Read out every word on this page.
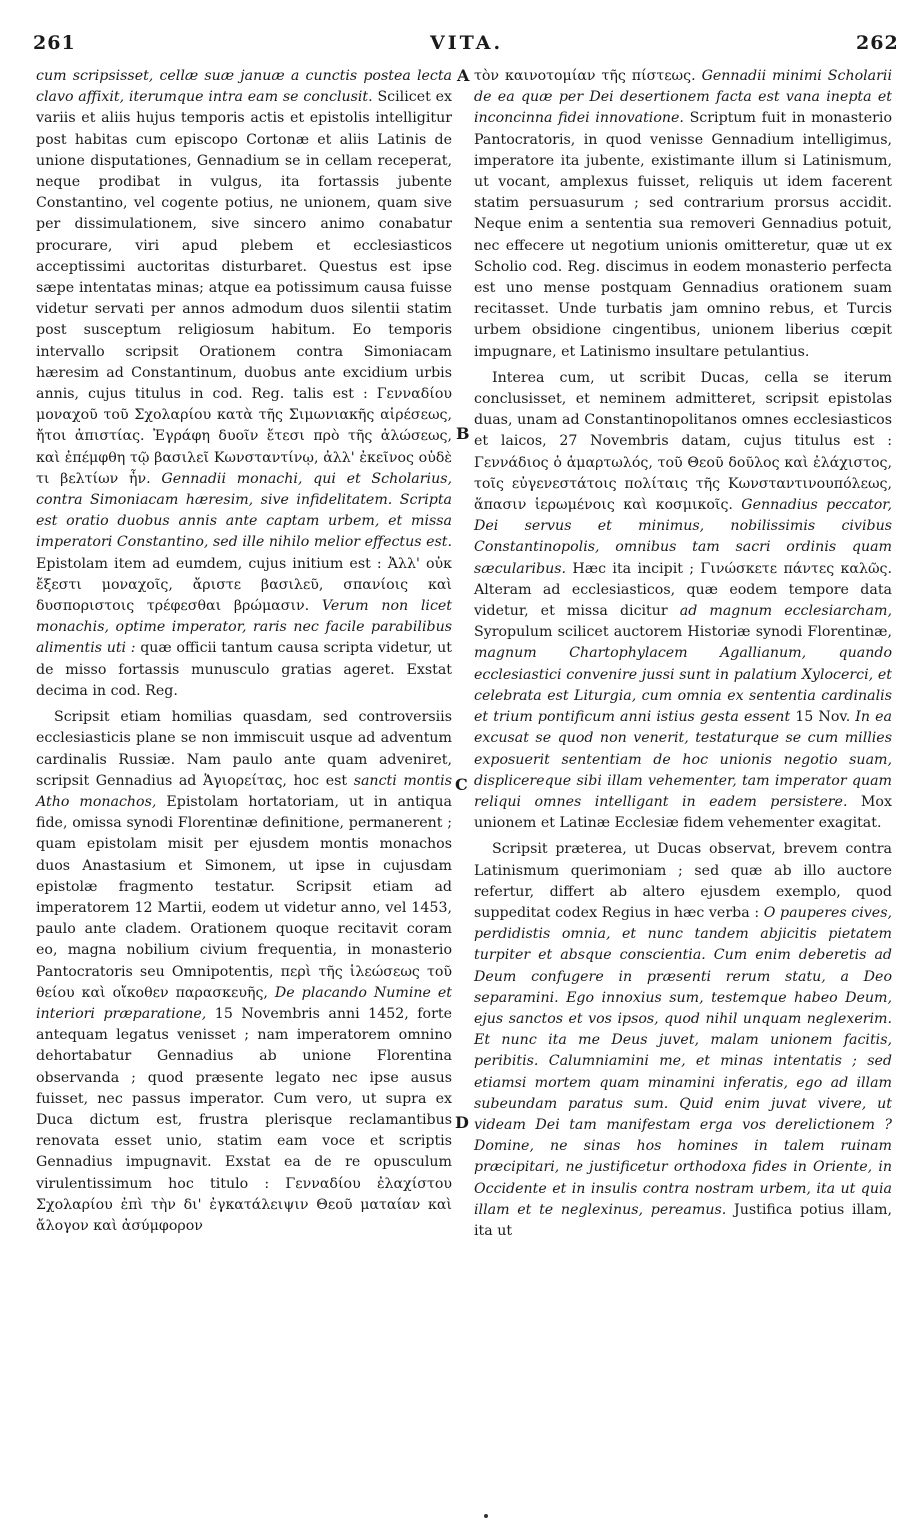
261	VITA.	262

cum scripsisset, cellæ suæ januæ a cunctis postea lecta clavo affixit, iterumque intra eam se conclusit. Scilicet ex variis et aliis hujus temporis actis et epistolis intelligitur post habitas cum episcopo Cortonæ et aliis Latinis de unione disputationes, Gennadium se in cellam receperat, neque prodibat in vulgus, ita fortassis jubente Constantino, vel cogente potius, ne unionem, quam sive per dissimulationem, sive sincero animo conabatur procurare, viri apud plebem et ecclesiasticos acceptissimi auctoritas disturbaret. Questus est ipse sæpe intentatas minas; atque ea potissimum causa fuisse videtur servati per annos admodum duos silentii statim post susceptum religiosum habitum. Eo temporis intervallo scripsit Orationem contra Simoniacam hæresim ad Constantinum, duobus ante excidium urbis annis, cujus titulus in cod. Reg. talis est : Γενναδίου μοναχοῦ τοῦ Σχολαρίου κατὰ τῆς Σιμωνιακῆς αἱρέσεως, ἤτοι ἀπιστίας. Ἐγράφη δυοῖν ἔτεσι πρὸ τῆς ἁλώσεως, καὶ ἐπέμφθη τῷ βασιλεῖ Κωνσταντίνῳ, ἀλλ' ἐκεῖνος οὐδὲ τι βελτίων ἦν. Gennadii monachi, qui et Scholarius, contra Simoniacam hæresim, sive infidelitatem. Scripta est oratio duobus annis ante captam urbem, et missa imperatori Constantino, sed ille nihilo melior effectus est. Epistolam item ad eumdem, cujus initium est : Ἀλλ' οὐκ ἔξεστι μοναχοῖς, ἄριστε βασιλεῦ, σπανίοις καὶ δυσποριστοις τρέφεσθαι βρώμασιν. Verum non licet monachis, optime imperator, raris nec facile parabilibus alimentis uti : quæ officii tantum causa scripta videtur, ut de misso fortassis munusculo gratias ageret. Exstat decima in cod. Reg.

Scripsit etiam homilias quasdam, sed controversiis ecclesiasticis plane se non immiscuit usque ad adventum cardinalis Russiæ. Nam paulo ante quam adveniret, scripsit Gennadius ad Ἁγιορείτας, hoc est sancti montis Atho monachos, Epistolam hortatoriam, ut in antiqua fide, omissa synodi Florentinæ definitione, permanerent ; quam epistolam misit per ejusdem montis monachos duos Anastasium et Simonem, ut ipse in cujusdam epistolæ fragmento testatur. Scripsit etiam ad imperatorem 12 Martii, eodem ut videtur anno, vel 1453, paulo ante cladem. Orationem quoque recitavit coram eo, magna nobilium civium frequentia, in monasterio Pantocratoris seu Omnipotentis, περὶ τῆς ἱλεώσεως τοῦ θείου καὶ οἴκοθεν παρασκευῆς, De placando Numine et interiori præparatione, 15 Novembris anni 1452, forte antequam legatus venisset ; nam imperatorem omnino dehortabatur Gennadius ab unione Florentina observanda ; quod præsente legato nec ipse ausus fuisset, nec passus imperator. Cum vero, ut supra ex Duca dictum est, frustra plerisque reclamantibus renovata esset unio, statim eam voce et scriptis Gennadius impugnavit. Exstat ea de re opusculum virulentissimum hoc titulo : Γενναδίου ἐλαχίστου Σχολαρίου ἐπὶ τὴν δι' ἐγκατάλειψιν Θεοῦ ματαίαν καὶ ἄλογον καὶ ἀσύμφορον

τὸν καινοτομίαν τῆς πίστεως. Gennadii minimi Scholarii de ea quæ per Dei desertionem facta est vana inepta et inconcinna fidei innovatione. Scriptum fuit in monasterio Pantocratoris, in quod venisse Gennadium intelligimus, imperatore ita jubente, existimante illum si Latinismum, ut vocant, amplexus fuisset, reliquis ut idem facerent statim persuasurum ; sed contrarium prorsus accidit. Neque enim a sententia sua removeri Gennadius potuit, nec effecere ut negotium unionis omitteretur, quæ ut ex Scholio cod. Reg. discimus in eodem monasterio perfecta est uno mense postquam Gennadius orationem suam recitasset. Unde turbatis jam omnino rebus, et Turcis urbem obsidione cingentibus, unionem liberius cœpit impugnare, et Latinismo insultare petulantius.

Interea cum, ut scribit Ducas, cella se iterum conclusisset, et neminem admitteret, scripsit epistolas duas, unam ad Constantinopolitanos omnes ecclesiasticos et laicos, 27 Novembris datam, cujus titulus est : Γεννάδιος ὁ ἁμαρτωλός, τοῦ Θεοῦ δοῦλος καὶ ἐλάχιστος, τοῖς εὐγενεστάτοις πολίταις τῆς Κωνσταντινουπόλεως, ἅπασιν ἱερωμένοις καὶ κοσμικοῖς. Gennadius peccator, Dei servus et minimus, nobilissimis civibus Constantinopolis, omnibus tam sacri ordinis quam sæcularibus. Hæc ita incipit ; Γινώσκετε πάντες καλῶς. Alteram ad ecclesiasticos, quæ eodem tempore data videtur, et missa dicitur ad magnum ecclesiarcham, Syropulum scilicet auctorem Historiæ synodi Florentinæ, magnum Chartophylacem Agallianum, quando ecclesiastici convenire jussi sunt in palatium Xylocerci, et celebrata est Liturgia, cum omnia ex sententia cardinalis et trium pontificum anni istius gesta essent 15 Nov. In ea excusat se quod non venerit, testaturque se cum millies exposuerit sententiam de hoc unionis negotio suam, displicereque sibi illam vehementer, tam imperator quam reliqui omnes intelligant in eadem persistere. Mox unionem et Latinæ Ecclesiæ fidem vehementer exagitat.

Scripsit præterea, ut Ducas observat, brevem contra Latinismum querimoniam ; sed quæ ab illo auctore refertur, differt ab altero ejusdem exemplo, quod suppeditat codex Regius in hæc verba : O pauperes cives, perdidistis omnia, et nunc tandem abjicitis pietatem turpiter et absque conscientia. Cum enim deberetis ad Deum confugere in præsenti rerum statu, a Deo separamini. Ego innoxius sum, testemque habeo Deum, ejus sanctos et vos ipsos, quod nihil unquam neglexerim. Et nunc ita me Deus juvet, malam unionem facitis, peribitis. Calumniamini me, et minas intentatis ; sed etiamsi mortem quam minamini inferatis, ego ad illam subeundam paratus sum. Quid enim juvat vivere, ut videam Dei tam manifestam erga vos derelictionem ? Domine, ne sinas hos homines in talem ruinam præcipitari, ne justificetur orthodoxa fides in Oriente, in Occidente et in insulis contra nostram urbem, ita ut quia illam et te neglexinus, pereamus. Justifica potius illam, ita ut

A
B
C
D
